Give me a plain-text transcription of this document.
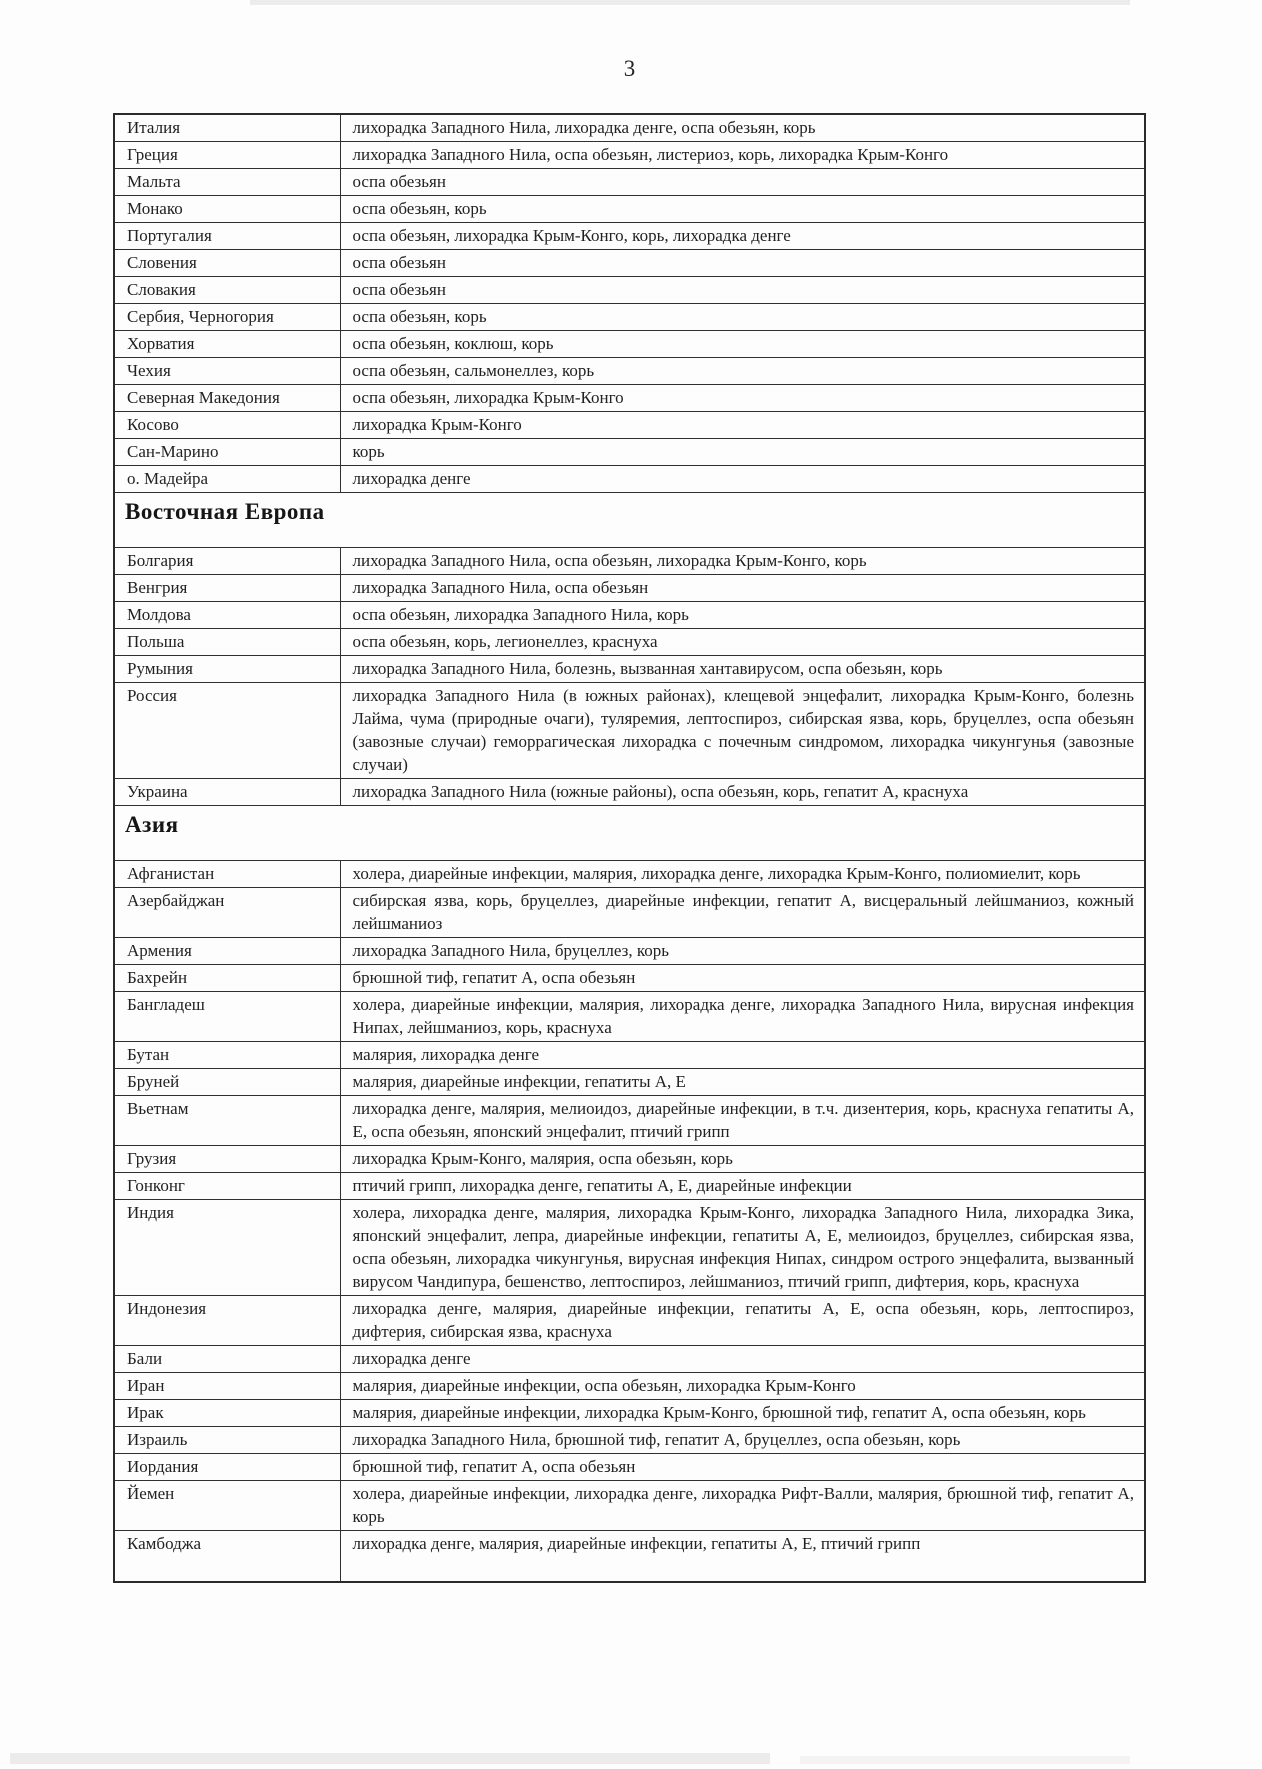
3
Италия	лихорадка Западного Нила, лихорадка денге, оспа обезьян, корь
Греция	лихорадка Западного Нила, оспа обезьян, листериоз, корь, лихорадка Крым-Конго
Мальта	оспа обезьян
Монако	оспа обезьян, корь
Португалия	оспа обезьян, лихорадка Крым-Конго, корь, лихорадка денге
Словения	оспа обезьян
Словакия	оспа обезьян
Сербия, Черногория	оспа обезьян, корь
Хорватия	оспа обезьян, коклюш, корь
Чехия	оспа обезьян, сальмонеллез, корь
Северная Македония	оспа обезьян, лихорадка Крым-Конго
Косово	лихорадка Крым-Конго
Сан-Марино	корь
о. Мадейра	лихорадка денге
Восточная Европа	
Болгария	лихорадка Западного Нила, оспа обезьян, лихорадка Крым-Конго, корь
Венгрия	лихорадка Западного Нила, оспа обезьян
Молдова	оспа обезьян, лихорадка Западного Нила, корь
Польша	оспа обезьян, корь, легионеллез, краснуха
Румыния	лихорадка Западного Нила, болезнь, вызванная хантавирусом, оспа обезьян, корь
Россия	лихорадка Западного Нила (в южных районах), клещевой энцефалит, лихорадка Крым-Конго, болезнь Лайма, чума (природные очаги), туляремия, лептоспироз, сибирская язва, корь, бруцеллез, оспа обезьян (завозные случаи) геморрагическая лихорадка с почечным синдромом, лихорадка чикунгунья (завозные случаи)
Украина	лихорадка Западного Нила (южные районы), оспа обезьян, корь, гепатит А, краснуха
Азия	
Афганистан	холера, диарейные инфекции, малярия, лихорадка денге, лихорадка Крым-Конго, полиомиелит, корь
Азербайджан	сибирская язва, корь, бруцеллез, диарейные инфекции, гепатит А, висцеральный лейшманиоз, кожный лейшманиоз
Армения	лихорадка Западного Нила, бруцеллез, корь
Бахрейн	брюшной тиф, гепатит А, оспа обезьян
Бангладеш	холера, диарейные инфекции, малярия, лихорадка денге, лихорадка Западного Нила, вирусная инфекция Нипах, лейшманиоз, корь, краснуха
Бутан	малярия, лихорадка денге
Бруней	малярия, диарейные инфекции, гепатиты А, Е
Вьетнам	лихорадка денге, малярия, мелиоидоз, диарейные инфекции, в т.ч. дизентерия, корь, краснуха гепатиты А, Е, оспа обезьян, японский энцефалит, птичий грипп
Грузия	лихорадка Крым-Конго, малярия, оспа обезьян, корь
Гонконг	птичий грипп, лихорадка денге, гепатиты А, Е, диарейные инфекции
Индия	холера, лихорадка денге, малярия, лихорадка Крым-Конго, лихорадка Западного Нила, лихорадка Зика, японский энцефалит, лепра, диарейные инфекции, гепатиты А, Е, мелиоидоз, бруцеллез, сибирская язва, оспа обезьян, лихорадка чикунгунья, вирусная инфекция Нипах, синдром острого энцефалита, вызванный вирусом Чандипура, бешенство, лептоспироз, лейшманиоз, птичий грипп, дифтерия, корь, краснуха
Индонезия	лихорадка денге, малярия, диарейные инфекции, гепатиты А, Е, оспа обезьян, корь, лептоспироз, дифтерия, сибирская язва, краснуха
Бали	лихорадка денге
Иран	малярия, диарейные инфекции, оспа обезьян, лихорадка Крым-Конго
Ирак	малярия, диарейные инфекции, лихорадка Крым-Конго, брюшной тиф, гепатит А, оспа обезьян, корь
Израиль	лихорадка Западного Нила, брюшной тиф, гепатит А, бруцеллез, оспа обезьян, корь
Иордания	брюшной тиф, гепатит А, оспа обезьян
Йемен	холера, диарейные инфекции, лихорадка денге, лихорадка Рифт-Валли, малярия, брюшной тиф, гепатит А, корь
Камбоджа	лихорадка денге, малярия, диарейные инфекции, гепатиты А, Е, птичий грипп
